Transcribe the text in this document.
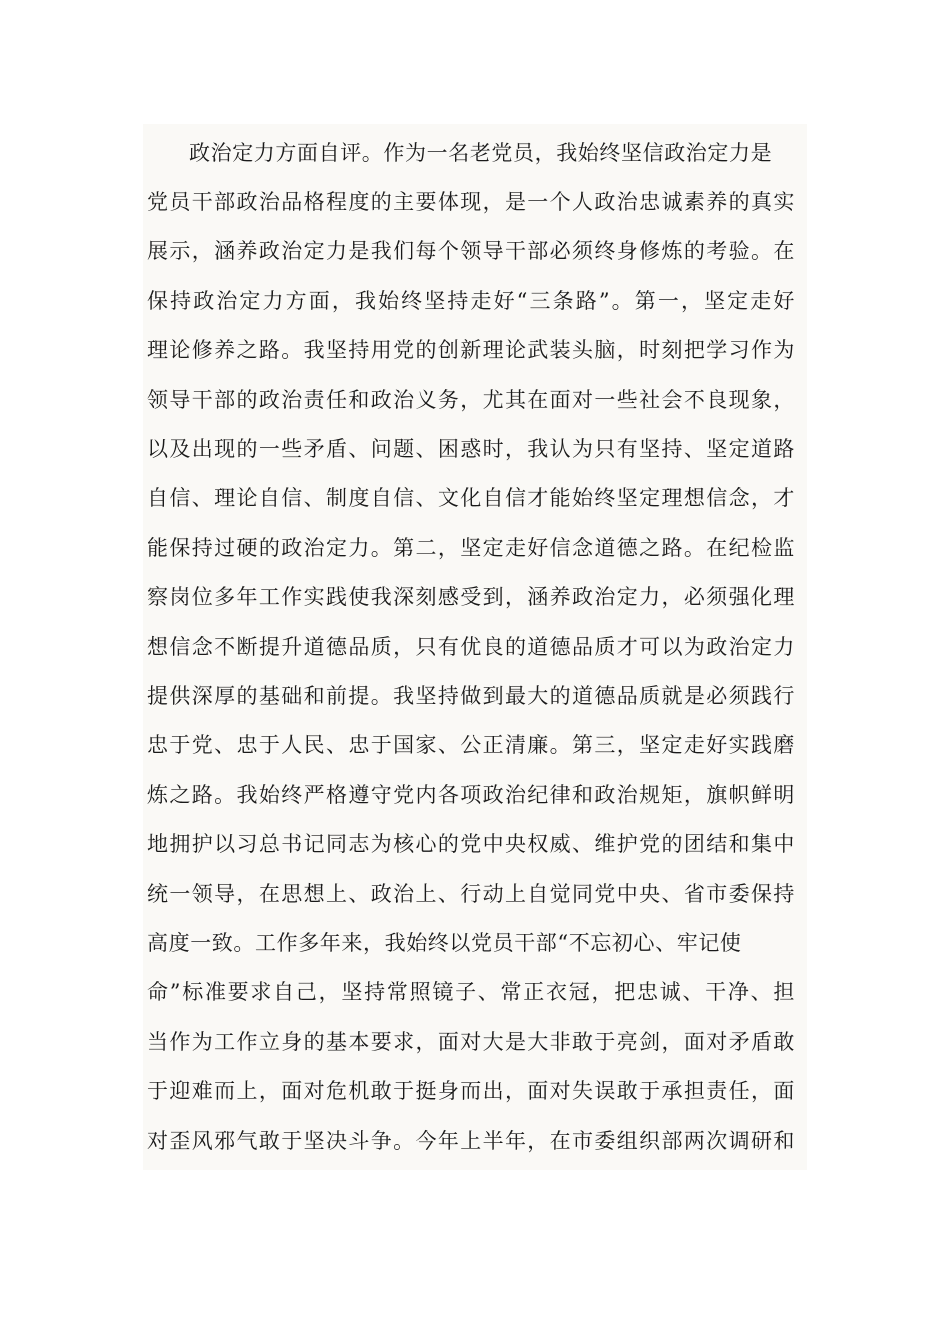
政治定力方面自评。作为一名老党员，我始终坚信政治定力是
党员干部政治品格程度的主要体现，是一个人政治忠诚素养的真实
展示，涵养政治定力是我们每个领导干部必须终身修炼的考验。在
保持政治定力方面，我始终坚持走好“三条路”。第一，坚定走好
理论修养之路。我坚持用党的创新理论武装头脑，时刻把学习作为
领导干部的政治责任和政治义务，尤其在面对一些社会不良现象，
以及出现的一些矛盾、问题、困惑时，我认为只有坚持、坚定道路
自信、理论自信、制度自信、文化自信才能始终坚定理想信念，才
能保持过硬的政治定力。第二，坚定走好信念道德之路。在纪检监
察岗位多年工作实践使我深刻感受到，涵养政治定力，必须强化理
想信念不断提升道德品质，只有优良的道德品质才可以为政治定力
提供深厚的基础和前提。我坚持做到最大的道德品质就是必须践行
忠于党、忠于人民、忠于国家、公正清廉。第三，坚定走好实践磨
炼之路。我始终严格遵守党内各项政治纪律和政治规矩，旗帜鲜明
地拥护以习总书记同志为核心的党中央权威、维护党的团结和集中
统一领导，在思想上、政治上、行动上自觉同党中央、省市委保持
高度一致。工作多年来，我始终以党员干部“不忘初心、牢记使
命”标准要求自己，坚持常照镜子、常正衣冠，把忠诚、干净、担
当作为工作立身的基本要求，面对大是大非敢于亮剑，面对矛盾敢
于迎难而上，面对危机敢于挺身而出，面对失误敢于承担责任，面
对歪风邪气敢于坚决斗争。今年上半年，在市委组织部两次调研和
